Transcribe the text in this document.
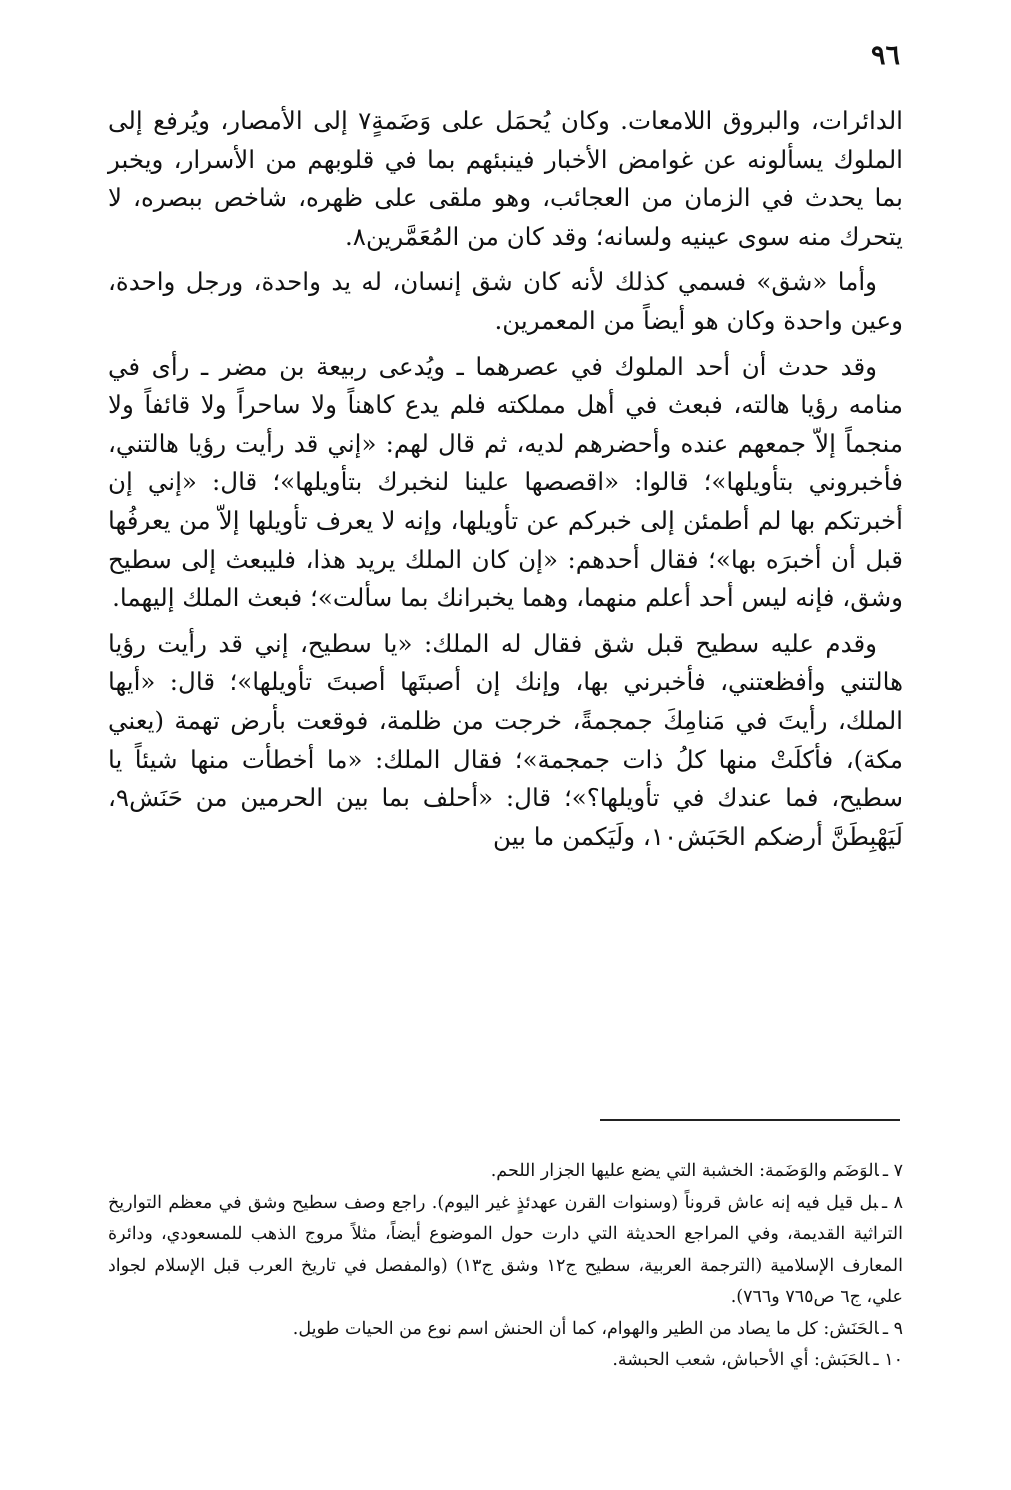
٩٦

الدائرات، والبروق اللامعات. وكان يُحمَل على وَضَمةٍ٧ إلى الأمصار، ويُرفع إلى الملوك يسألونه عن غوامض الأخبار فينبئهم بما في قلوبهم من الأسرار، ويخبر بما يحدث في الزمان من العجائب، وهو ملقى على ظهره، شاخص ببصره، لا يتحرك منه سوى عينيه ولسانه؛ وقد كان من المُعَمَّرين٨.

وأما «شق» فسمي كذلك لأنه كان شق إنسان، له يد واحدة، ورجل واحدة، وعين واحدة وكان هو أيضاً من المعمرين.

وقد حدث أن أحد الملوك في عصرهما ـ ويُدعى ربيعة بن مضر ـ رأى في منامه رؤيا هالته، فبعث في أهل مملكته فلم يدع كاهناً ولا ساحراً ولا قائفاً ولا منجماً إلاّ جمعهم عنده وأحضرهم لديه، ثم قال لهم: «إني قد رأيت رؤيا هالتني، فأخبروني بتأويلها»؛ قالوا: «اقصصها علينا لنخبرك بتأويلها»؛ قال: «إني إن أخبرتكم بها لم أطمئن إلى خبركم عن تأويلها، وإنه لا يعرف تأويلها إلاّ من يعرفُها قبل أن أخبرَه بها»؛ فقال أحدهم: «إن كان الملك يريد هذا، فليبعث إلى سطيح وشق، فإنه ليس أحد أعلم منهما، وهما يخبرانك بما سألت»؛ فبعث الملك إليهما.

وقدم عليه سطيح قبل شق فقال له الملك: «يا سطيح، إني قد رأيت رؤيا هالتني وأفظعتني، فأخبرني بها، وإنك إن أصبتَها أصبتَ تأويلها»؛ قال: «أيها الملك، رأيتَ في مَنامِكَ جمجمةً، خرجت من ظلمة، فوقعت بأرض تهمة (يعني مكة)، فأكلَتْ منها كلُ ذات جمجمة»؛ فقال الملك: «ما أخطأت منها شيئاً يا سطيح، فما عندك في تأويلها؟»؛ قال: «أحلف بما بين الحرمين من حَنَش٩، لَيَهْبِطَنَّ أرضكم الحَبَش١٠، ولَيَكمن ما بين

٧ ـالوَضَم والوَضَمة: الخشبة التي يضع عليها الجزار اللحم.

٨ ـبل قيل فيه إنه عاش قروناً (وسنوات القرن عهدئذٍ غير اليوم). راجع وصف سطيح وشق في معظم التواريخ التراثية القديمة، وفي المراجع الحديثة التي دارت حول الموضوع أيضاً، مثلاً مروج الذهب للمسعودي، ودائرة المعارف الإسلامية (الترجمة العربية، سطيح ج١٢ وشق ج١٣) (والمفصل في تاريخ العرب قبل الإسلام لجواد علي، ج٦ ص٧٦٥ و٧٦٦).

٩ ـالحَنَش: كل ما يصاد من الطير والهوام، كما أن الحنش اسم نوع من الحيات طويل.

١٠ ـالحَبَش: أي الأحباش، شعب الحبشة.
